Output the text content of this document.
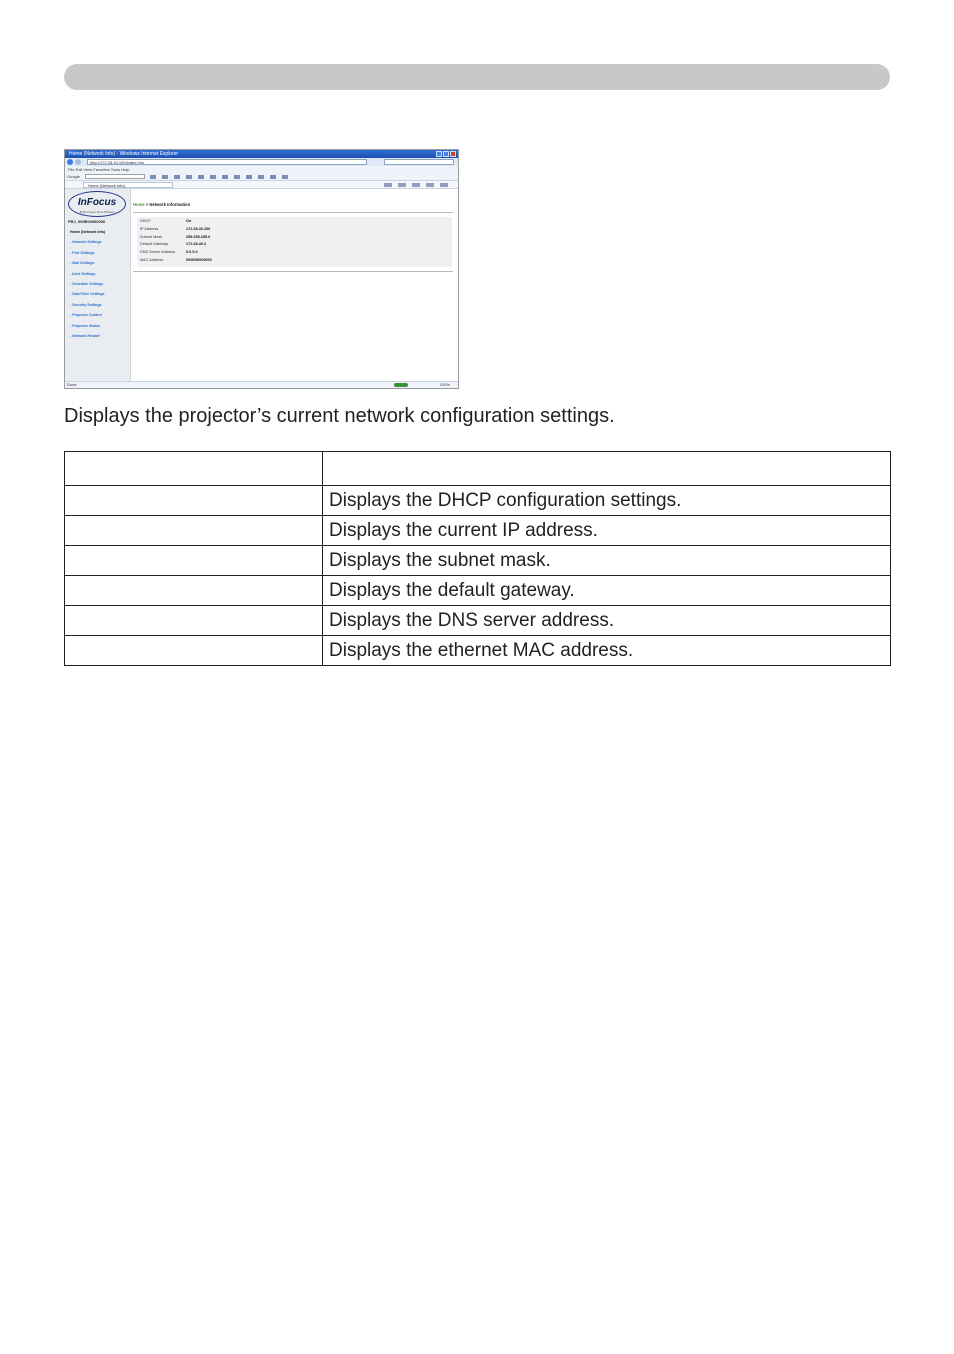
Home (Network Info) - Windows Internet Explorer
http://172.28.40.100/index.htm
File Edit View Favorites Tools Help
Google
Home (Network Info)
InFocus
Bright Ideas Work Brilliant
PRJ_000E00000000
Home (Network Info)
- Network Settings
- Port Settings
- Mail Settings
- Alert Settings
- Schedule Settings
- Date/Time Settings
- Security Settings
- Projector Control
- Projector Status
- Network Restart
Home > Network Information
DHCP	On
IP Address	172.28.40.100
Subnet Mask	255.255.255.0
Default Gateway	172.28.40.2
DNS Server Address	0.0.0.0
MAC Address	000E00000000
Done	100%
Displays the projector’s current network configuration settings.

	Displays the DHCP configuration settings.
	Displays the current IP address.
	Displays the subnet mask.
	Displays the default gateway.
	Displays the DNS server address.
	Displays the ethernet MAC address.
